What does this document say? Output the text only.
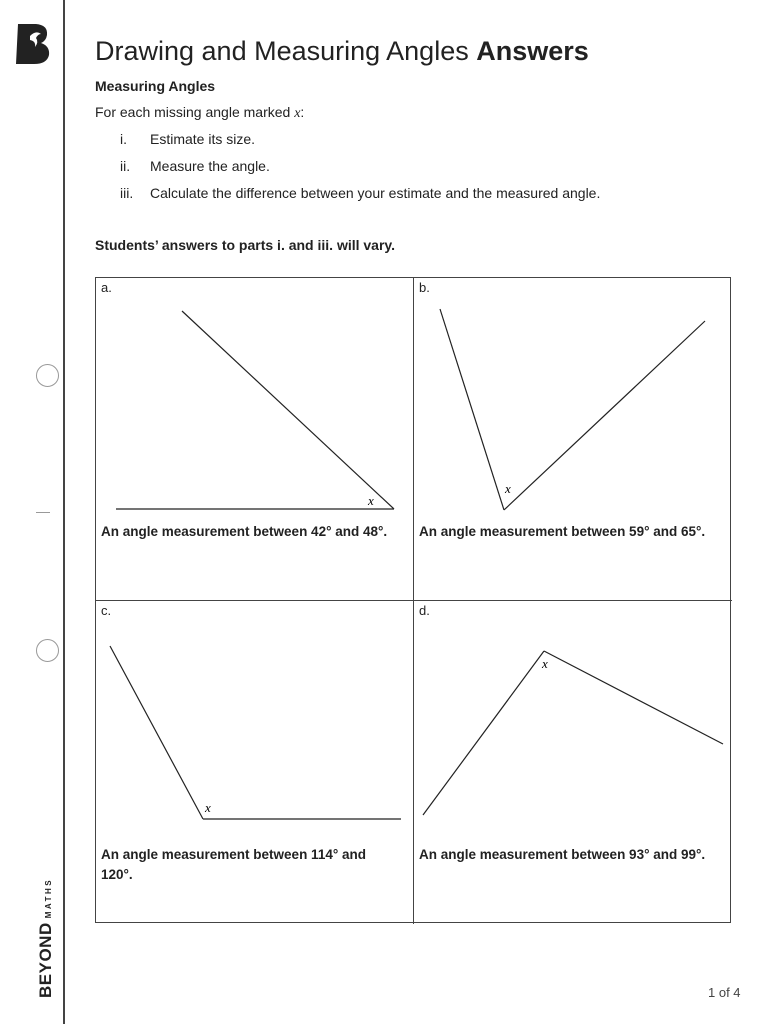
BEYONDMATHS
Drawing and Measuring Angles Answers
Measuring Angles
For each missing angle marked x:
i. Estimate its size.
ii. Measure the angle.
iii. Calculate the difference between your estimate and the measured angle.
Students’ answers to parts i. and iii. will vary.
a.
x
An angle measurement between 42° and 48°.
b.
x
An angle measurement between 59° and 65°.
c.
x
An angle measurement between 114° and 120°.
d.
x
An angle measurement between 93° and 99°.
1 of 4
